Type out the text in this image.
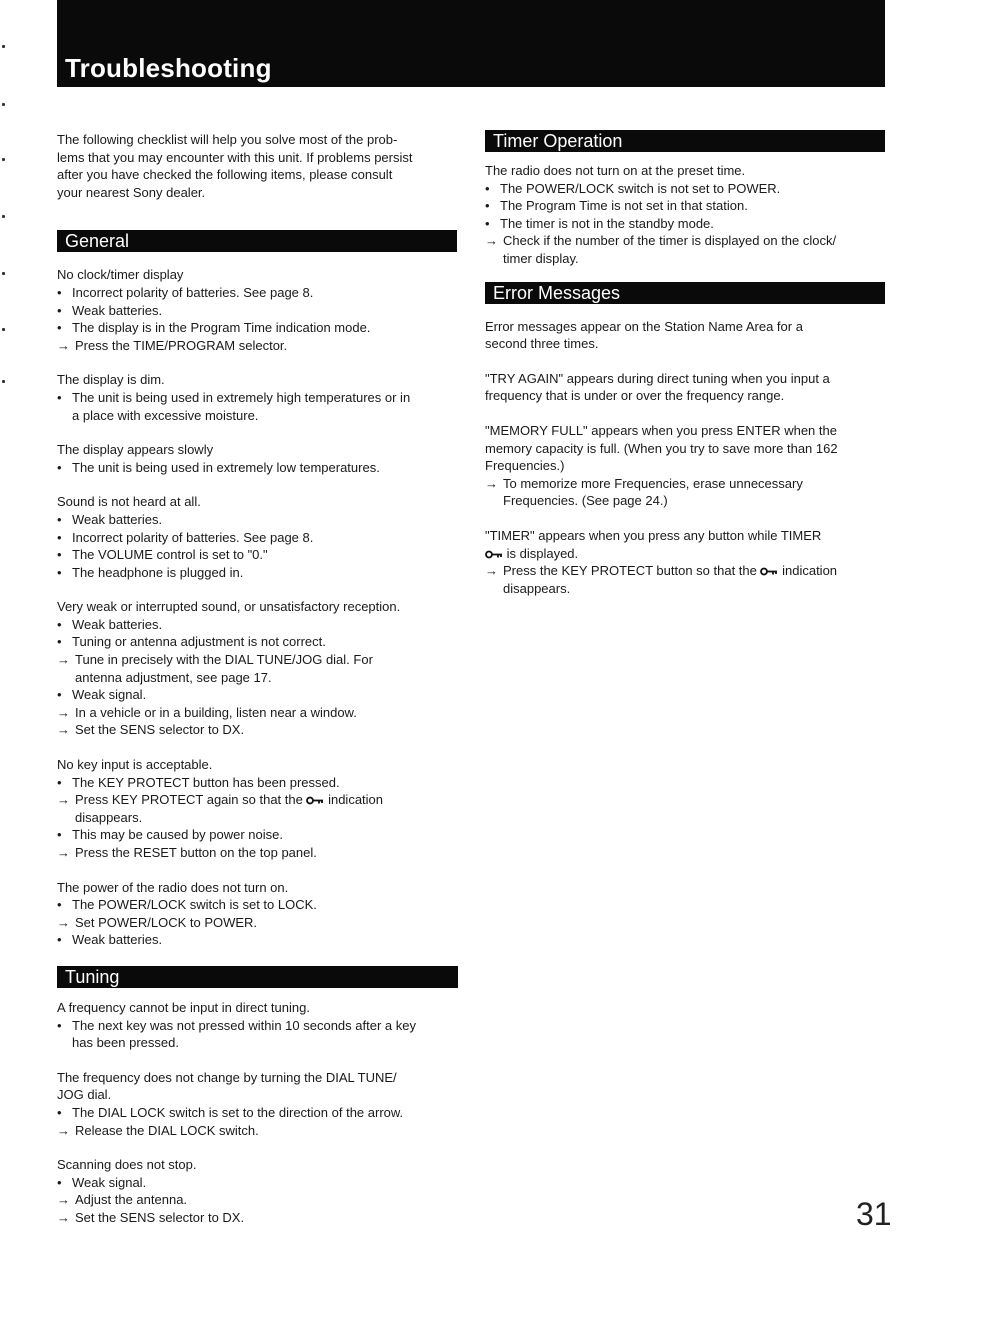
Troubleshooting
The following checklist will help you solve most of the prob-
lems that you may encounter with this unit. If problems persist
after you have checked the following items, please consult
your nearest Sony dealer.
General
No clock/timer display
• Incorrect polarity of batteries. See page 8.
• Weak batteries.
• The display is in the Program Time indication mode.
→ Press the TIME/PROGRAM selector.
The display is dim.
• The unit is being used in extremely high temperatures or in
a place with excessive moisture.
The display appears slowly
• The unit is being used in extremely low temperatures.
Sound is not heard at all.
• Weak batteries.
• Incorrect polarity of batteries. See page 8.
• The VOLUME control is set to "0."
• The headphone is plugged in.
Very weak or interrupted sound, or unsatisfactory reception.
• Weak batteries.
• Tuning or antenna adjustment is not correct.
→ Tune in precisely with the DIAL TUNE/JOG dial. For
antenna adjustment, see page 17.
• Weak signal.
→ In a vehicle or in a building, listen near a window.
→ Set the SENS selector to DX.
No key input is acceptable.
• The KEY PROTECT button has been pressed.
→ Press KEY PROTECT again so that the  indication
disappears.
• This may be caused by power noise.
→ Press the RESET button on the top panel.
The power of the radio does not turn on.
• The POWER/LOCK switch is set to LOCK.
→ Set POWER/LOCK to POWER.
• Weak batteries.
Tuning
A frequency cannot be input in direct tuning.
• The next key was not pressed within 10 seconds after a key
has been pressed.
The frequency does not change by turning the DIAL TUNE/
JOG dial.
• The DIAL LOCK switch is set to the direction of the arrow.
→ Release the DIAL LOCK switch.
Scanning does not stop.
• Weak signal.
→ Adjust the antenna.
→ Set the SENS selector to DX.
Timer Operation
The radio does not turn on at the preset time.
• The POWER/LOCK switch is not set to POWER.
• The Program Time is not set in that station.
• The timer is not in the standby mode.
→ Check if the number of the timer is displayed on the clock/
timer display.
Error Messages
Error messages appear on the Station Name Area for a
second three times.
"TRY AGAIN" appears during direct tuning when you input a
frequency that is under or over the frequency range.
"MEMORY FULL" appears when you press ENTER when the
memory capacity is full. (When you try to save more than 162
Frequencies.)
→ To memorize more Frequencies, erase unnecessary
Frequencies. (See page 24.)
"TIMER" appears when you press any button while TIMER
is displayed.
→ Press the KEY PROTECT button so that the  indication
disappears.
31
